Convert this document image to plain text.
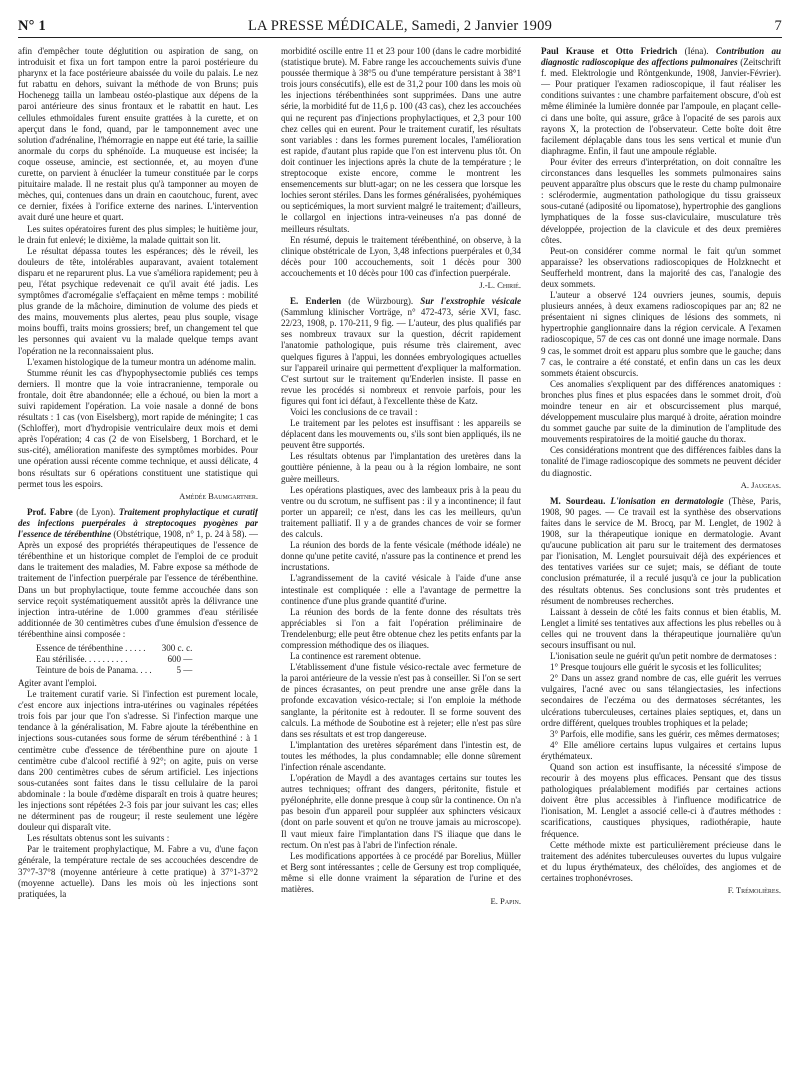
N° 1	LA PRESSE MÉDICALE, Samedi, 2 Janvier 1909	7

afin d'empêcher toute déglutition ou aspiration de sang, on introduisit et fixa un fort tampon entre la paroi postérieure du pharynx et la face postérieure abaissée du voile du palais. Le nez fut rabattu en dehors, suivant la méthode de von Bruns; puis Hochenegg tailla un lambeau ostéo-plastique aux dépens de la paroi antérieure des sinus frontaux et le rabattit en haut. Les cellules ethmoïdales furent ensuite grattées à la curette, et on aperçut dans le fond, quand, par le tamponnement avec une solution d'adrénaline, l'hémorragie en nappe eut été tarie, la saillie anormale du corps du sphénoïde. La muqueuse est incisée; la coque osseuse, amincie, est sectionnée, et, au moyen d'une curette, on parvient à énucléer la tumeur constituée par le corps pituitaire malade. Il ne restait plus qu'à tamponner au moyen de mèches, qui, contenues dans un drain en caoutchouc, furent, avec ce dernier, fixées à l'orifice externe des narines. L'intervention avait duré une heure et quart.

Les suites opératoires furent des plus simples; le huitième jour, le drain fut enlevé; le dixième, la malade quittait son lit.

Le résultat dépassa toutes les espérances; dès le réveil, les douleurs de tête, intolérables auparavant, avaient totalement disparu et ne reparurent plus. La vue s'améliora rapidement; peu à peu, l'état psychique redevenait ce qu'il avait été jadis. Les symptômes d'acromégalie s'effaçaient en même temps : mobilité plus grande de la mâchoire, diminution de volume des pieds et des mains, mouvements plus alertes, peau plus souple, visage moins bouffi, traits moins grossiers; bref, un changement tel que les personnes qui avaient vu la malade quelque temps avant l'opération ne la reconnaissaient plus.

L'examen histologique de la tumeur montra un adénome malin.

Stumme réunit les cas d'hypophysectomie publiés ces temps derniers. Il montre que la voie intracranienne, temporale ou frontale, doit être abandonnée; elle a échoué, ou bien la mort a suivi rapidement l'opération. La voie nasale a donné de bons résultats : 1 cas (von Eiselsberg), mort rapide de méningite; 1 cas (Schloffer), mort d'hydropisie ventriculaire deux mois et demi après l'opération; 4 cas (2 de von Eiselsberg, 1 Borchard, et le sus-cité), amélioration manifeste des symptômes morbides. Pour une opération aussi récente comme technique, et aussi délicate, 4 bons résultats sur 6 opérations constituent une statistique qui permet tous les espoirs.

Amédée Baumgartner.

Prof. Fabre (de Lyon). Traitement prophylactique et curatif des infections puerpérales à streptocoques pyogènes par l'essence de térébenthine (Obstétrique, 1908, n° 1, p. 24 à 58). — Après un exposé des propriétés thérapeutiques de l'essence de térébenthine et un historique complet de l'emploi de ce produit dans le traitement des maladies, M. Fabre expose sa méthode de traitement de l'infection puerpérale par l'essence de térébenthine. Dans un but prophylactique, toute femme accouchée dans son service reçoit systématiquement aussitôt après la délivrance une injection intra-utérine de 1.000 grammes d'eau stérilisée additionnée de 30 centimètres cubes d'une émulsion d'essence de térébenthine ainsi composée :

Essence de térébenthine . . . . .	300 c. c.
Eau stérilisée. . . . . . . . . .	600 —
Teinture de bois de Panama. . . .	5 —

Agiter avant l'emploi.

Le traitement curatif varie. Si l'infection est purement locale, c'est encore aux injections intra-utérines ou vaginales répétées trois fois par jour que l'on s'adresse. Si l'infection marque une tendance à la généralisation, M. Fabre ajoute la térébenthine en injections sous-cutanées sous forme de sérum térébenthiné : à 1 centimètre cube d'essence de térébenthine pure on ajoute 1 centimètre cube d'alcool rectifié à 92°; on agite, puis on verse dans 200 centimètres cubes de sérum artificiel. Les injections sous-cutanées sont faites dans le tissu cellulaire de la paroi abdominale : la boule d'œdème disparaît en trois à quatre heures; les injections sont répétées 2-3 fois par jour suivant les cas; elles ne déterminent pas de rougeur; il reste seulement une légère douleur qui disparaît vite.

Les résultats obtenus sont les suivants :

Par le traitement prophylactique, M. Fabre a vu, d'une façon générale, la température rectale de ses accouchées descendre de 37°7-37°8 (moyenne antérieure à cette pratique) à 37°1-37°2 (moyenne actuelle). Dans les mois où les injections sont pratiquées, la

morbidité oscille entre 11 et 23 pour 100 (dans le cadre morbidité (statistique brute). M. Fabre range les accouchements suivis d'une poussée thermique à 38°5 ou d'une température persistant à 38°1 trois jours consécutifs), elle est de 31,2 pour 100 dans les mois où les injections térébenthinées sont supprimées. Dans une autre série, la morbidité fut de 11,6 p. 100 (43 cas), chez les accouchées qui ne reçurent pas d'injections prophylactiques, et 2,3 pour 100 chez celles qui en eurent. Pour le traitement curatif, les résultats sont variables : dans les formes purement locales, l'amélioration est rapide, d'autant plus rapide que l'on est intervenu plus tôt. On doit continuer les injections après la chute de la température ; le streptocoque existe encore, comme le montrent les ensemencements sur blutt-agar; on ne les cessera que lorsque les lochies seront stériles. Dans les formes généralisées, pyohémiques ou septicémiques, la mort survient malgré le traitement; d'ailleurs, le collargol en injections intra-veineuses n'a pas donné de meilleurs résultats.

En résumé, depuis le traitement térébenthiné, on observe, à la clinique obstétricale de Lyon, 3,48 infections puerpérales et 0,34 décès pour 100 accouchements, soit 1 décès pour 300 accouchements et 10 décès pour 100 cas d'infection puerpérale.

J.-L. Chirié.

E. Enderlen (de Würzbourg). Sur l'exstrophie vésicale (Sammlung klinischer Vorträge, n° 472-473, série XVI, fasc. 22/23, 1908, p. 170-211, 9 fig. — L'auteur, des plus qualifiés par ses nombreux travaux sur la question, décrit rapidement l'anatomie pathologique, puis résume très clairement, avec quelques figures à l'appui, les données embryologiques actuelles sur l'appareil urinaire qui permettent d'expliquer la malformation. C'est surtout sur le traitement qu'Enderlen insiste. Il passe en revue les procédés si nombreux et renvoie parfois, pour les figures qui font ici défaut, à l'excellente thèse de Katz.

Voici les conclusions de ce travail :

Le traitement par les pelotes est insuffisant : les appareils se déplacent dans les mouvements ou, s'ils sont bien appliqués, ils ne peuvent être supportés.

Les résultats obtenus par l'implantation des uretères dans la gouttière pénienne, à la peau ou à la région lombaire, ne sont guère meilleurs.

Les opérations plastiques, avec des lambeaux pris à la peau du ventre ou du scrotum, ne suffisent pas : il y a incontinence; il faut porter un appareil; ce n'est, dans les cas les meilleurs, qu'un traitement palliatif. Il y a de grandes chances de voir se former des calculs.

La réunion des bords de la fente vésicale (méthode idéale) ne donne qu'une petite cavité, n'assure pas la continence et prend les incrustations.

L'agrandissement de la cavité vésicale à l'aide d'une anse intestinale est compliquée : elle a l'avantage de permettre la continence d'une plus grande quantité d'urine.

La réunion des bords de la fente donne des résultats très appréciables si l'on a fait l'opération préliminaire de Trendelenburg; elle peut être obtenue chez les petits enfants par la compression méthodique des os iliaques.

La continence est rarement obtenue.

L'établissement d'une fistule vésico-rectale avec fermeture de la paroi antérieure de la vessie n'est pas à conseiller. Si l'on se sert de pinces écrasantes, on peut prendre une anse grêle dans la profonde excavation vésico-rectale; si l'on emploie la méthode sanglante, la péritonite est à redouter. Il se forme souvent des calculs. La méthode de Soubotine est à rejeter; elle n'est pas sûre dans ses résultats et est trop dangereuse.

L'implantation des uretères séparément dans l'intestin est, de toutes les méthodes, la plus condamnable; elle donne sûrement l'infection rénale ascendante.

L'opération de Maydl a des avantages certains sur toutes les autres techniques; offrant des dangers, péritonite, fistule et pyélonéphrite, elle donne presque à coup sûr la continence. On n'a pas besoin d'un appareil pour suppléer aux sphincters vésicaux (dont on parle souvent et qu'on ne trouve jamais au microscope). Il vaut mieux faire l'implantation dans l'S iliaque que dans le rectum. On n'est pas à l'abri de l'infection rénale.

Les modifications apportées à ce procédé par Borelius, Müller et Berg sont intéressantes ; celle de Gersuny est trop compliquée, même si elle donne vraiment la séparation de l'urine et des matières.

E. Papin.

Paul Krause et Otto Friedrich (Iéna). Contribution au diagnostic radioscopique des affections pulmonaires (Zeitschrift f. med. Elektrologie und Röntgenkunde, 1908, Janvier-Février). — Pour pratiquer l'examen radioscopique, il faut réaliser les conditions suivantes : une chambre parfaitement obscure, d'où est même éliminée la lumière donnée par l'ampoule, en plaçant celle-ci dans une boîte, qui assure, grâce à l'opacité de ses parois aux rayons X, la protection de l'observateur. Cette boîte doit être facilement déplaçable dans tous les sens vertical et munie d'un diaphragme. Enfin, il faut une ampoule réglable.

Pour éviter des erreurs d'interprétation, on doit connaître les circonstances dans lesquelles les sommets pulmonaires sains peuvent apparaître plus obscurs que le reste du champ pulmonaire : sclérodermie, augmentation pathologique du tissu graisseux sous-cutané (adiposité ou lipomatose), hypertrophie des ganglions lymphatiques de la fosse sus-claviculaire, musculature très développée, projection de la clavicule et des deux premières côtes.

Peut-on considérer comme normal le fait qu'un sommet apparaisse? les observations radioscopiques de Holzknecht et Seufferheld montrent, dans la majorité des cas, l'analogie des deux sommets.

L'auteur a observé 124 ouvriers jeunes, soumis, depuis plusieurs années, à deux examens radioscopiques par an; 82 ne présentaient ni signes cliniques de lésions des sommets, ni hypertrophie ganglionnaire dans la région cervicale. A l'examen radioscopique, 57 de ces cas ont donné une image normale. Dans 9 cas, le sommet droit est apparu plus sombre que le gauche; dans 7 cas, le contraire a été constaté, et enfin dans un cas les deux sommets étaient obscurcis.

Ces anomalies s'expliquent par des différences anatomiques : bronches plus fines et plus espacées dans le sommet droit, d'où moindre teneur en air et obscurcissement plus marqué, développement musculaire plus marqué à droite, aération moindre du sommet gauche par suite de la diminution de l'amplitude des mouvements respiratoires de la moitié gauche du thorax.

Ces considérations montrent que des différences faibles dans la tonalité de l'image radioscopique des sommets ne peuvent décider du diagnostic.

A. Jaugeas.

M. Sourdeau. L'ionisation en dermatologie (Thèse, Paris, 1908, 90 pages. — Ce travail est la synthèse des observations faites dans le service de M. Brocq, par M. Lenglet, de 1902 à 1908, sur la thérapeutique ionique en dermatologie. Avant qu'aucune publication ait paru sur le traitement des dermatoses par l'ionisation, M. Lenglet poursuivait déjà des expériences et des tentatives variées sur ce sujet; mais, se défiant de toute conclusion prématurée, il a reculé jusqu'à ce jour la publication des résultats obtenus. Ses conclusions sont très prudentes et résument de nombreuses recherches.

Laissant à dessein de côté les faits connus et bien établis, M. Lenglet a limité ses tentatives aux affections les plus rebelles ou à celles qui ne trouvent dans la thérapeutique journalière qu'un secours insuffisant ou nul.

L'ionisation seule ne guérit qu'un petit nombre de dermatoses :

1° Presque toujours elle guérit le sycosis et les folliculites;

2° Dans un assez grand nombre de cas, elle guérit les verrues vulgaires, l'acné avec ou sans télangiectasies, les infections secondaires de l'eczéma ou des dermatoses sécrétantes, les ulcérations tuberculeuses, certaines plaies septiques, et, dans un ordre différent, quelques troubles trophiques et la pelade;

3° Parfois, elle modifie, sans les guérir, ces mêmes dermatoses;

4° Elle améliore certains lupus vulgaires et certains lupus érythémateux.

Quand son action est insuffisante, la nécessité s'impose de recourir à des moyens plus efficaces. Pensant que des tissus pathologiques préalablement modifiés par certaines actions doivent être plus accessibles à l'influence modificatrice de l'ionisation, M. Lenglet a associé celle-ci à d'autres méthodes : scarifications, caustiques physiques, radiothérapie, haute fréquence.

Cette méthode mixte est particulièrement précieuse dans le traitement des adénites tuberculeuses ouvertes du lupus vulgaire et du lupus érythémateux, des chéloïdes, des angiomes et de certaines trophonévroses.

F. Trémolières.
